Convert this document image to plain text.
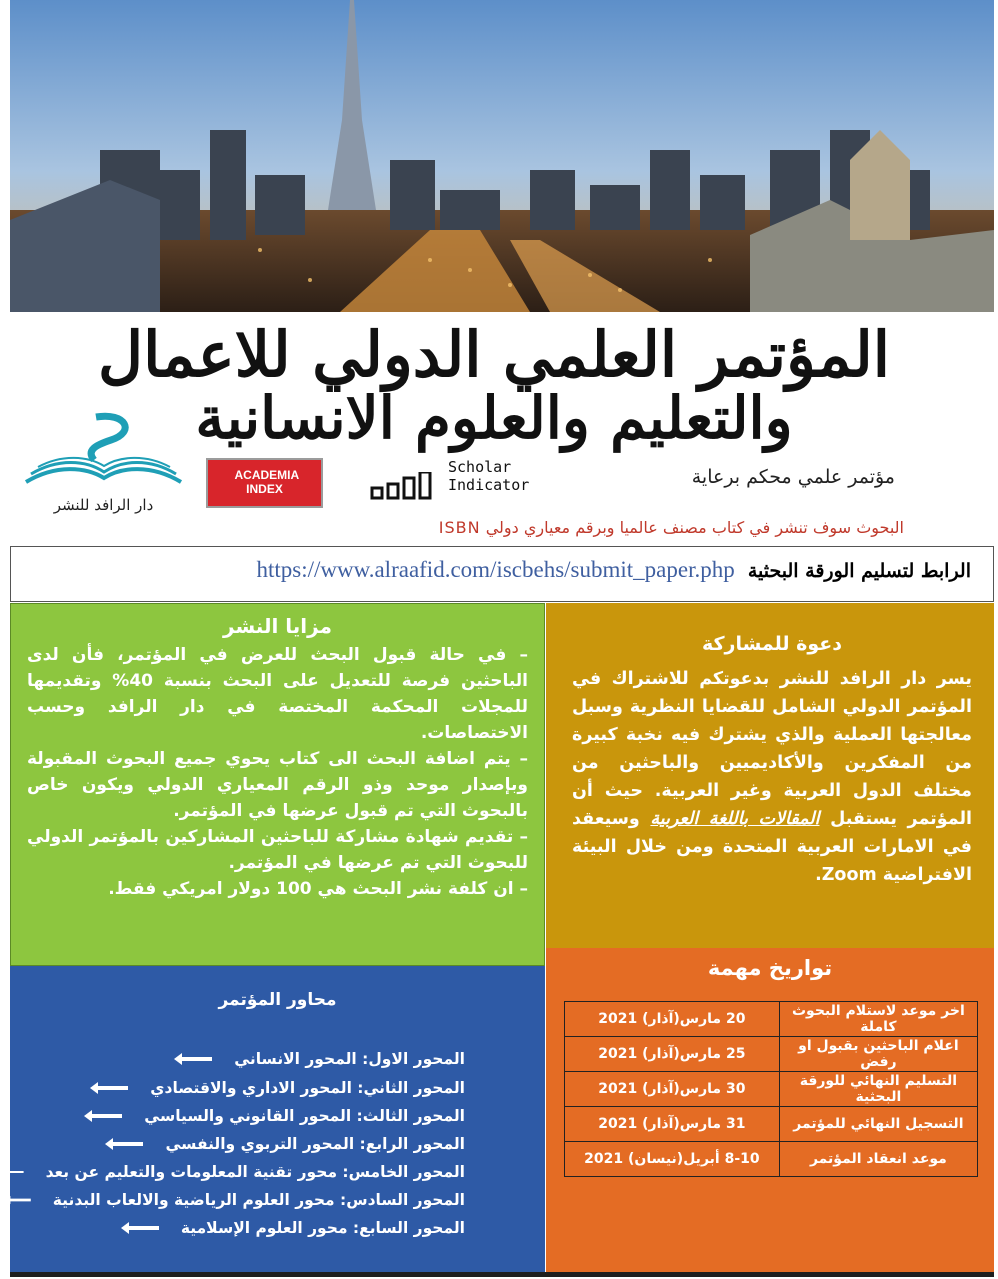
المؤتمر العلمي الدولي للاعمال
والتعليم والعلوم الانسانية
دار الرافد للنشر
ACADEMIA INDEX
Scholar
Indicator	مؤتمر علمي محكم برعاية
البحوث سوف تنشر في كتاب مصنف عالميا وبرقم معياري دولي ISBN
الرابط لتسليم الورقة البحثية https://www.alraafid.com/iscbehs/submit_paper.php
مزايا النشر

– في حالة قبول البحث للعرض في المؤتمر، فأن لدى الباحثين فرصة للتعديل على البحث بنسبة 40% وتقديمها للمجلات المحكمة المختصة في دار الرافد وحسب الاختصاصات.

– يتم اضافة البحث الى كتاب يحوي جميع البحوث المقبولة وبإصدار موحد وذو الرقم المعياري الدولي ويكون خاص بالبحوث التي تم قبول عرضها في المؤتمر.

– تقديم شهادة مشاركة للباحثين المشاركين بالمؤتمر الدولي للبحوث التي تم عرضها في المؤتمر.

– ان كلفة نشر البحث هي 100 دولار امريكي فقط.

دعوة للمشاركة

يسر دار الرافد للنشر بدعوتكم للاشتراك في المؤتمر الدولي الشامل للقضايا النظرية وسبل معالجتها العملية والذي يشترك فيه نخبة كبيرة من المفكرين والأكاديميين والباحثين من مختلف الدول العربية وغير العربية. حيث أن المؤتمر يستقبل المقالات باللغة العربية وسيعقد في الامارات العربية المتحدة ومن خلال البيئة الافتراضية Zoom.

محاور المؤتمر
المحور الاول: المحور الانساني
المحور الثاني: المحور الاداري والاقتصادي
المحور الثالث: المحور القانوني والسياسي
المحور الرابع: المحور التربوي والنفسي
المحور الخامس: محور تقنية المعلومات والتعليم عن بعد
المحور السادس: محور العلوم الرياضية والالعاب البدنية
المحور السابع: محور العلوم الإسلامية
تواريخ مهمة
اخر موعد لاستلام البحوث كاملة	20 مارس(آذار) 2021
اعلام الباحثين بقبول او رفض	25 مارس(آذار) 2021
التسليم النهائي للورقة البحثية	30 مارس(آذار) 2021
التسجيل النهائي للمؤتمر	31 مارس(آذار) 2021
موعد انعقاد المؤتمر	8-10 أبريل(نيسان) 2021
